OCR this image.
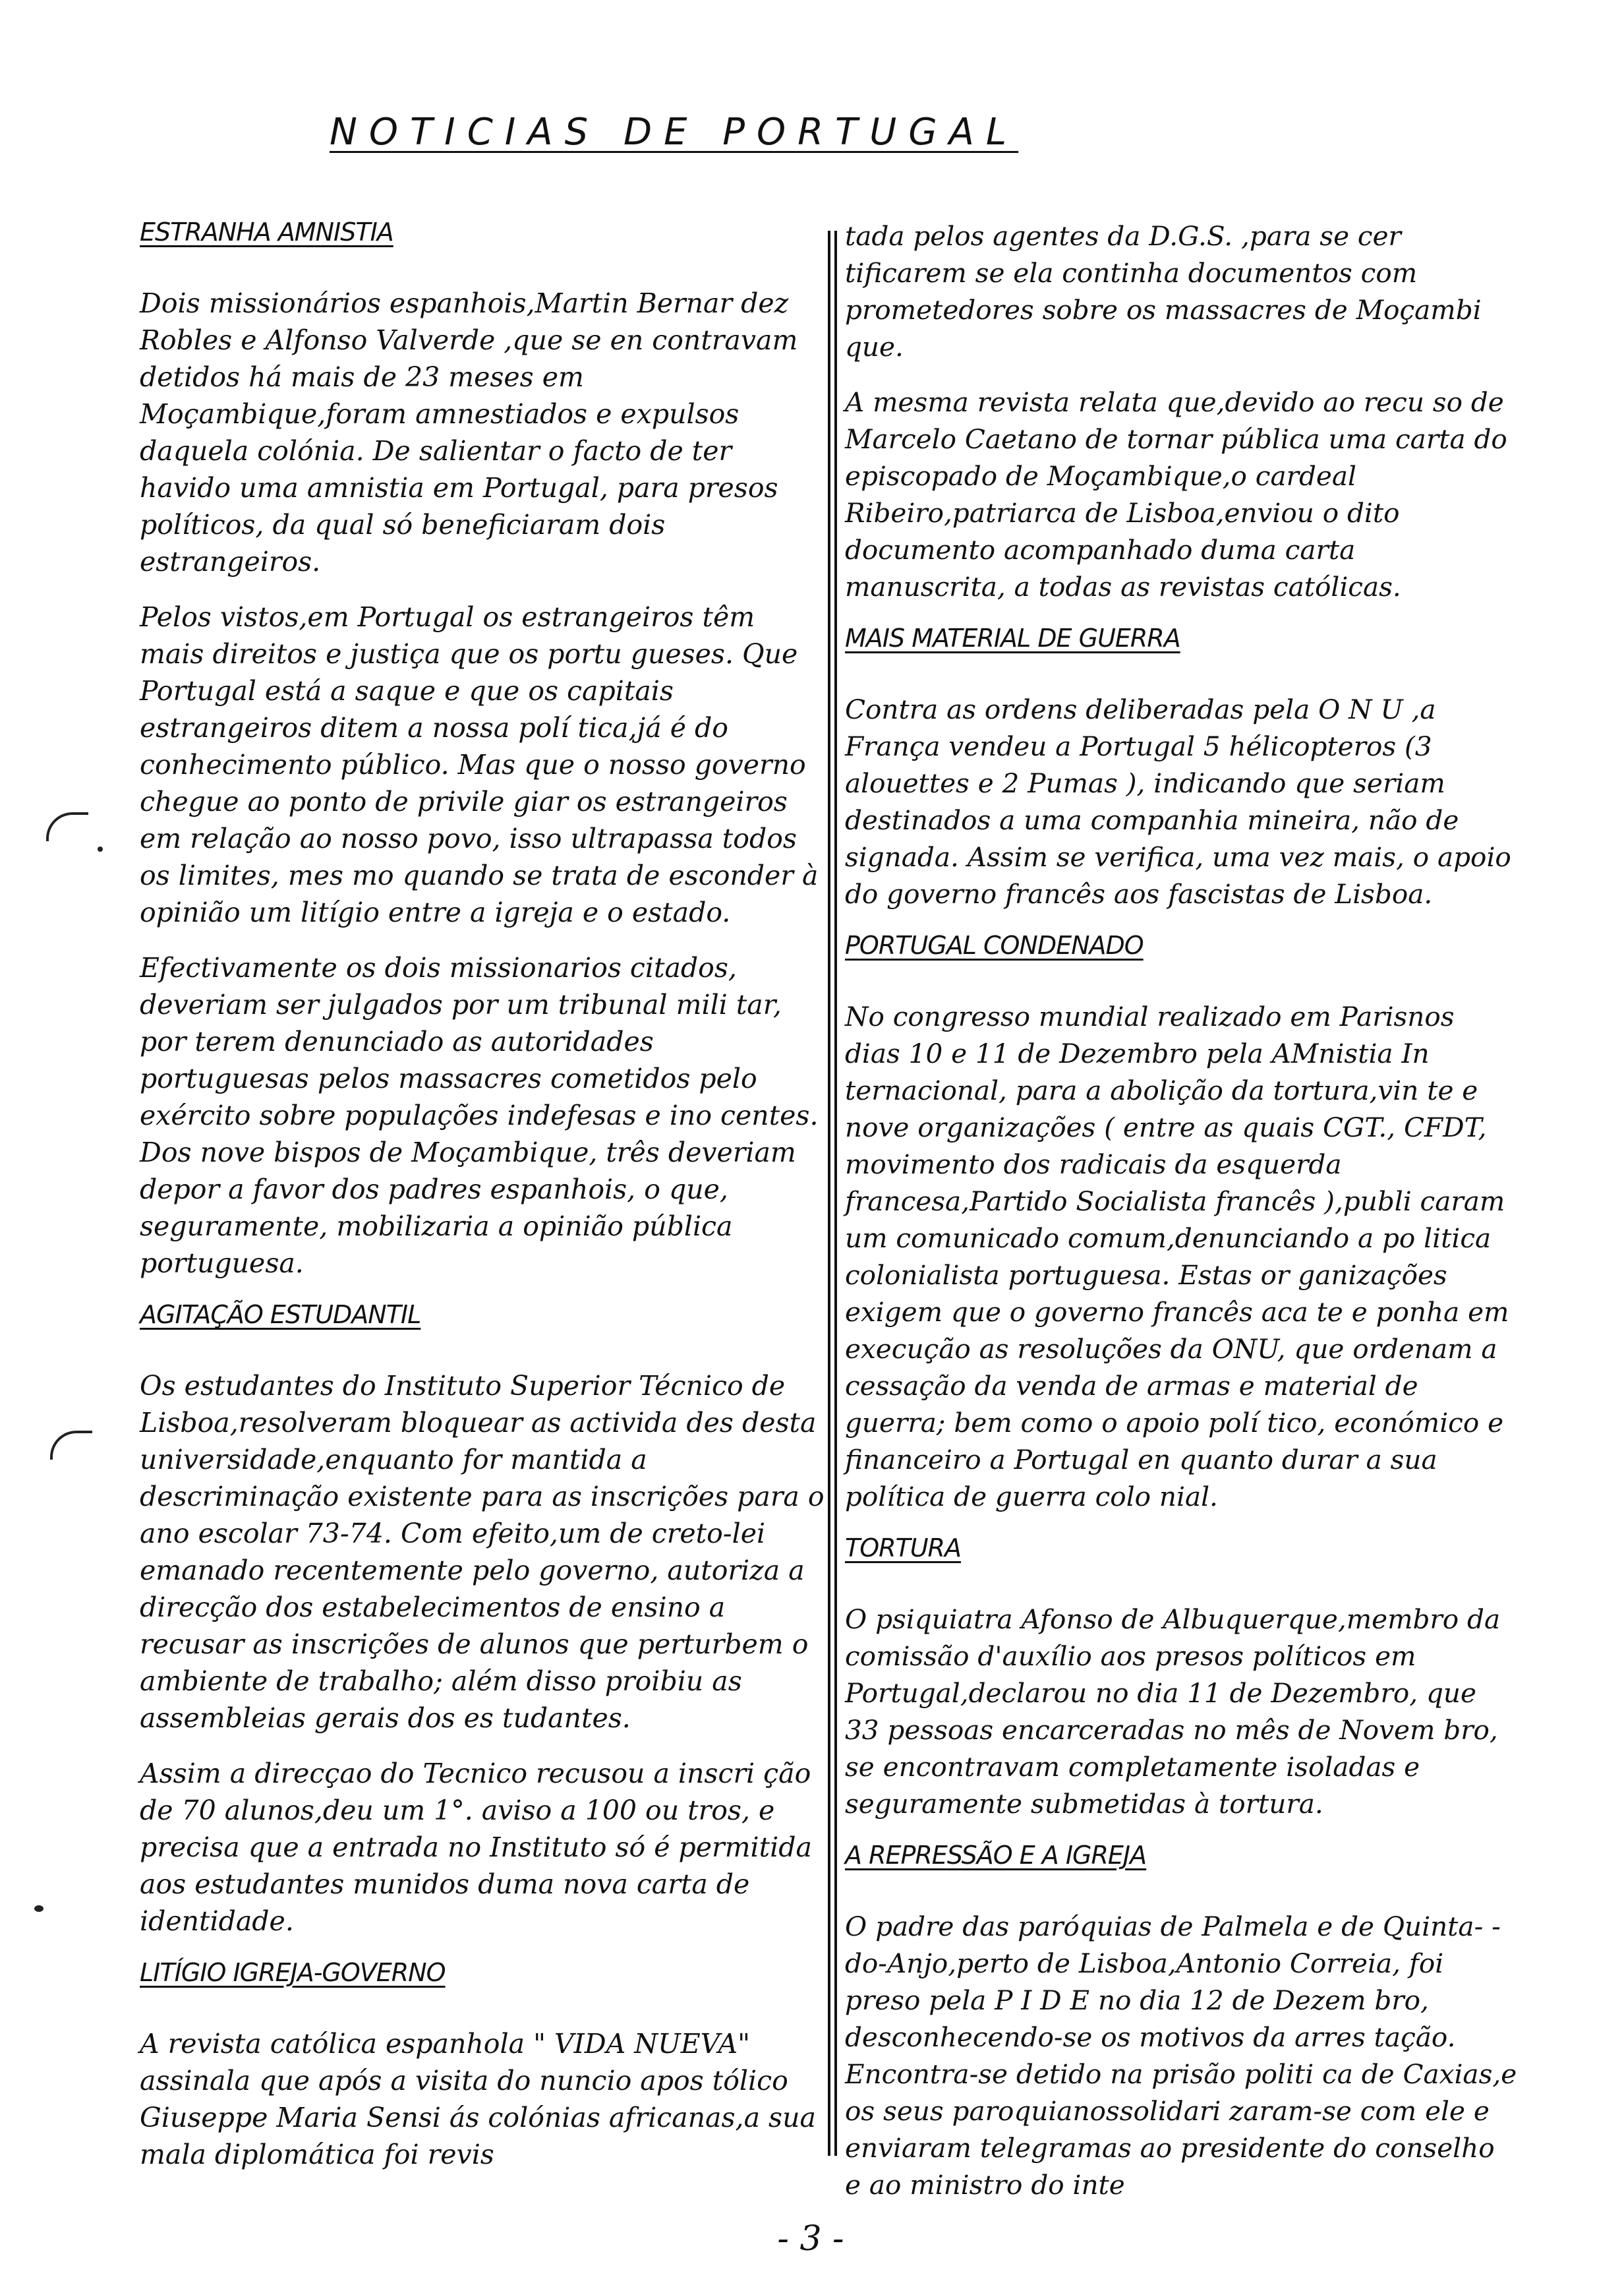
NOTICIAS DE PORTUGAL
ESTRANHA AMNISTIA

Dois missionários espanhois,Martin Bernar dez Robles e Alfonso Valverde ,que se en contravam detidos há mais de 23 meses em Moçambique,foram amnestiados e expulsos daquela colónia. De salientar o facto de ter havido uma amnistia em Portugal, para presos políticos, da qual só beneficiaram dois estrangeiros.

Pelos vistos,em Portugal os estrangeiros têm mais direitos e justiça que os portu gueses. Que Portugal está a saque e que os capitais estrangeiros ditem a nossa polí tica,já é do conhecimento público. Mas que o nosso governo chegue ao ponto de privile giar os estrangeiros em relação ao nosso povo, isso ultrapassa todos os limites, mes mo quando se trata de esconder à opinião um litígio entre a igreja e o estado.

Efectivamente os dois missionarios citados, deveriam ser julgados por um tribunal mili tar, por terem denunciado as autoridades portuguesas pelos massacres cometidos pelo exército sobre populações indefesas e ino centes. Dos nove bispos de Moçambique, três deveriam depor a favor dos padres espanhois, o que, seguramente, mobilizaria a opinião pública portuguesa.

AGITAÇÃO ESTUDANTIL

Os estudantes do Instituto Superior Técnico de Lisboa,resolveram bloquear as activida des desta universidade,enquanto for mantida a descriminação existente para as inscrições para o ano escolar 73-74. Com efeito,um de creto-lei emanado recentemente pelo governo, autoriza a direcção dos estabelecimentos de ensino a recusar as inscrições de alunos que perturbem o ambiente de trabalho; além disso proibiu as assembleias gerais dos es tudantes.

Assim a direcçao do Tecnico recusou a inscri ção de 70 alunos,deu um 1°. aviso a 100 ou tros, e precisa que a entrada no Instituto só é permitida aos estudantes munidos duma nova carta de identidade.

LITÍGIO IGREJA-GOVERNO

A revista católica espanhola " VIDA NUEVA" assinala que após a visita do nuncio apos tólico Giuseppe Maria Sensi ás colónias africanas,a sua mala diplomática foi revis

tada pelos agentes da D.G.S. ,para se cer tificarem se ela continha documentos com prometedores sobre os massacres de Moçambi que.

A mesma revista relata que,devido ao recu so de Marcelo Caetano de tornar pública uma carta do episcopado de Moçambique,o cardeal Ribeiro,patriarca de Lisboa,enviou o dito documento acompanhado duma carta manuscrita, a todas as revistas católicas.

MAIS MATERIAL DE GUERRA

Contra as ordens deliberadas pela O N U ,a França vendeu a Portugal 5 hélicopteros (3 alouettes e 2 Pumas ), indicando que seriam destinados a uma companhia mineira, não de signada. Assim se verifica, uma vez mais, o apoio do governo francês aos fascistas de Lisboa.

PORTUGAL CONDENADO

No congresso mundial realizado em Parisnos dias 10 e 11 de Dezembro pela AMnistia In ternacional, para a abolição da tortura,vin te e nove organizações ( entre as quais CGT., CFDT, movimento dos radicais da esquerda francesa,Partido Socialista francês ),publi caram um comunicado comum,denunciando a po litica colonialista portuguesa. Estas or ganizações exigem que o governo francês aca te e ponha em execução as resoluções da ONU, que ordenam a cessação da venda de armas e material de guerra; bem como o apoio polí tico, económico e financeiro a Portugal en quanto durar a sua política de guerra colo nial.

TORTURA

O psiquiatra Afonso de Albuquerque,membro da comissão d'auxílio aos presos políticos em Portugal,declarou no dia 11 de Dezembro, que 33 pessoas encarceradas no mês de Novem bro, se encontravam completamente isoladas e seguramente submetidas à tortura.

A REPRESSÃO E A IGREJA

O padre das paróquias de Palmela e de Quinta- -do-Anjo,perto de Lisboa,Antonio Correia, foi preso pela P I D E no dia 12 de Dezem bro, desconhecendo-se os motivos da arres tação. Encontra-se detido na prisão politi ca de Caxias,e os seus paroquianossolidari zaram-se com ele e enviaram telegramas ao presidente do conselho e ao ministro do inte

- 3 -
